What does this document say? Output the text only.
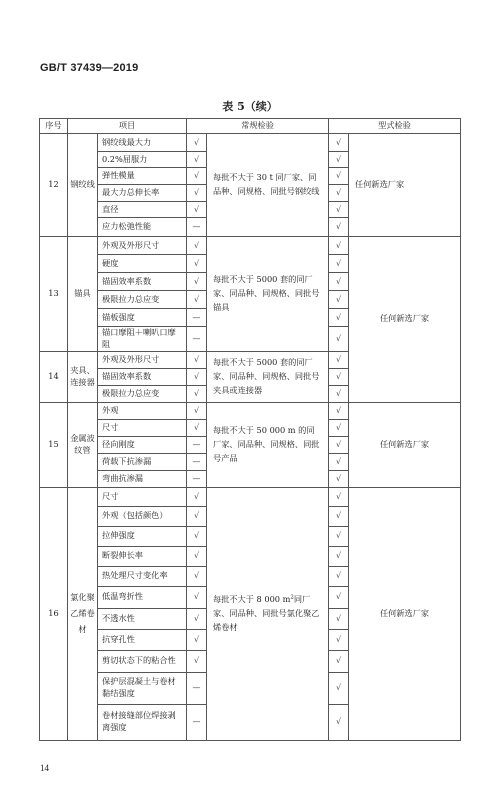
GB/T 37439—2019
表 5（续）
序号	项目		常规检验		型式检验	
12	钢绞线	钢绞线最大力	√	每批不大于 30 t 同厂家、同品种、同规格、同批号钢绞线	√	任何新选厂家
		0.2%屈服力	√		√	
		弹性模量	√		√	
		最大力总伸长率	√		√	
		直径	√		√	
		应力松弛性能	—		√	
13	锚具	外观及外形尺寸	√	每批不大于 5000 套的同厂家、同品种、同规格、同批号锚具	√	任何新选厂家
		硬度	√		√	
		锚固效率系数	√		√	
		极限拉力总应变	√		√	
		锚板强度	—		√	
		锚口摩阻＋喇叭口摩阻	—		√	
14	夹具、连接器	外观及外形尺寸	√	每批不大于 5000 套的同厂家、同品种、同规格、同批号夹具或连接器	√	
		锚固效率系数	√		√	
		极限拉力总应变	√		√	
15	金属波纹管	外观	√	每批不大于 50 000 m 的同厂家、同品种、同规格、同批号产品	√	任何新选厂家
		尺寸	√		√	
		径向刚度	—		√	
		荷载下抗渗漏	—		√	
		弯曲抗渗漏	—		√	
16	氯化聚乙烯卷材	尺寸	√	每批不大于 8 000 $m^2$同厂家、同品种、同批号氯化聚乙烯卷材	√	任何新选厂家
		外观（包括颜色）	√		√	
		拉伸强度	√		√	
		断裂伸长率	√		√	
		热处理尺寸变化率	√		√	
		低温弯折性	√		√	
		不透水性	√		√	
		抗穿孔性	√		√	
		剪切状态下的粘合性	√		√	
		保护层混凝土与卷材黏结强度	—		√	
		卷材接缝部位焊接剥离强度	—		√	
14
